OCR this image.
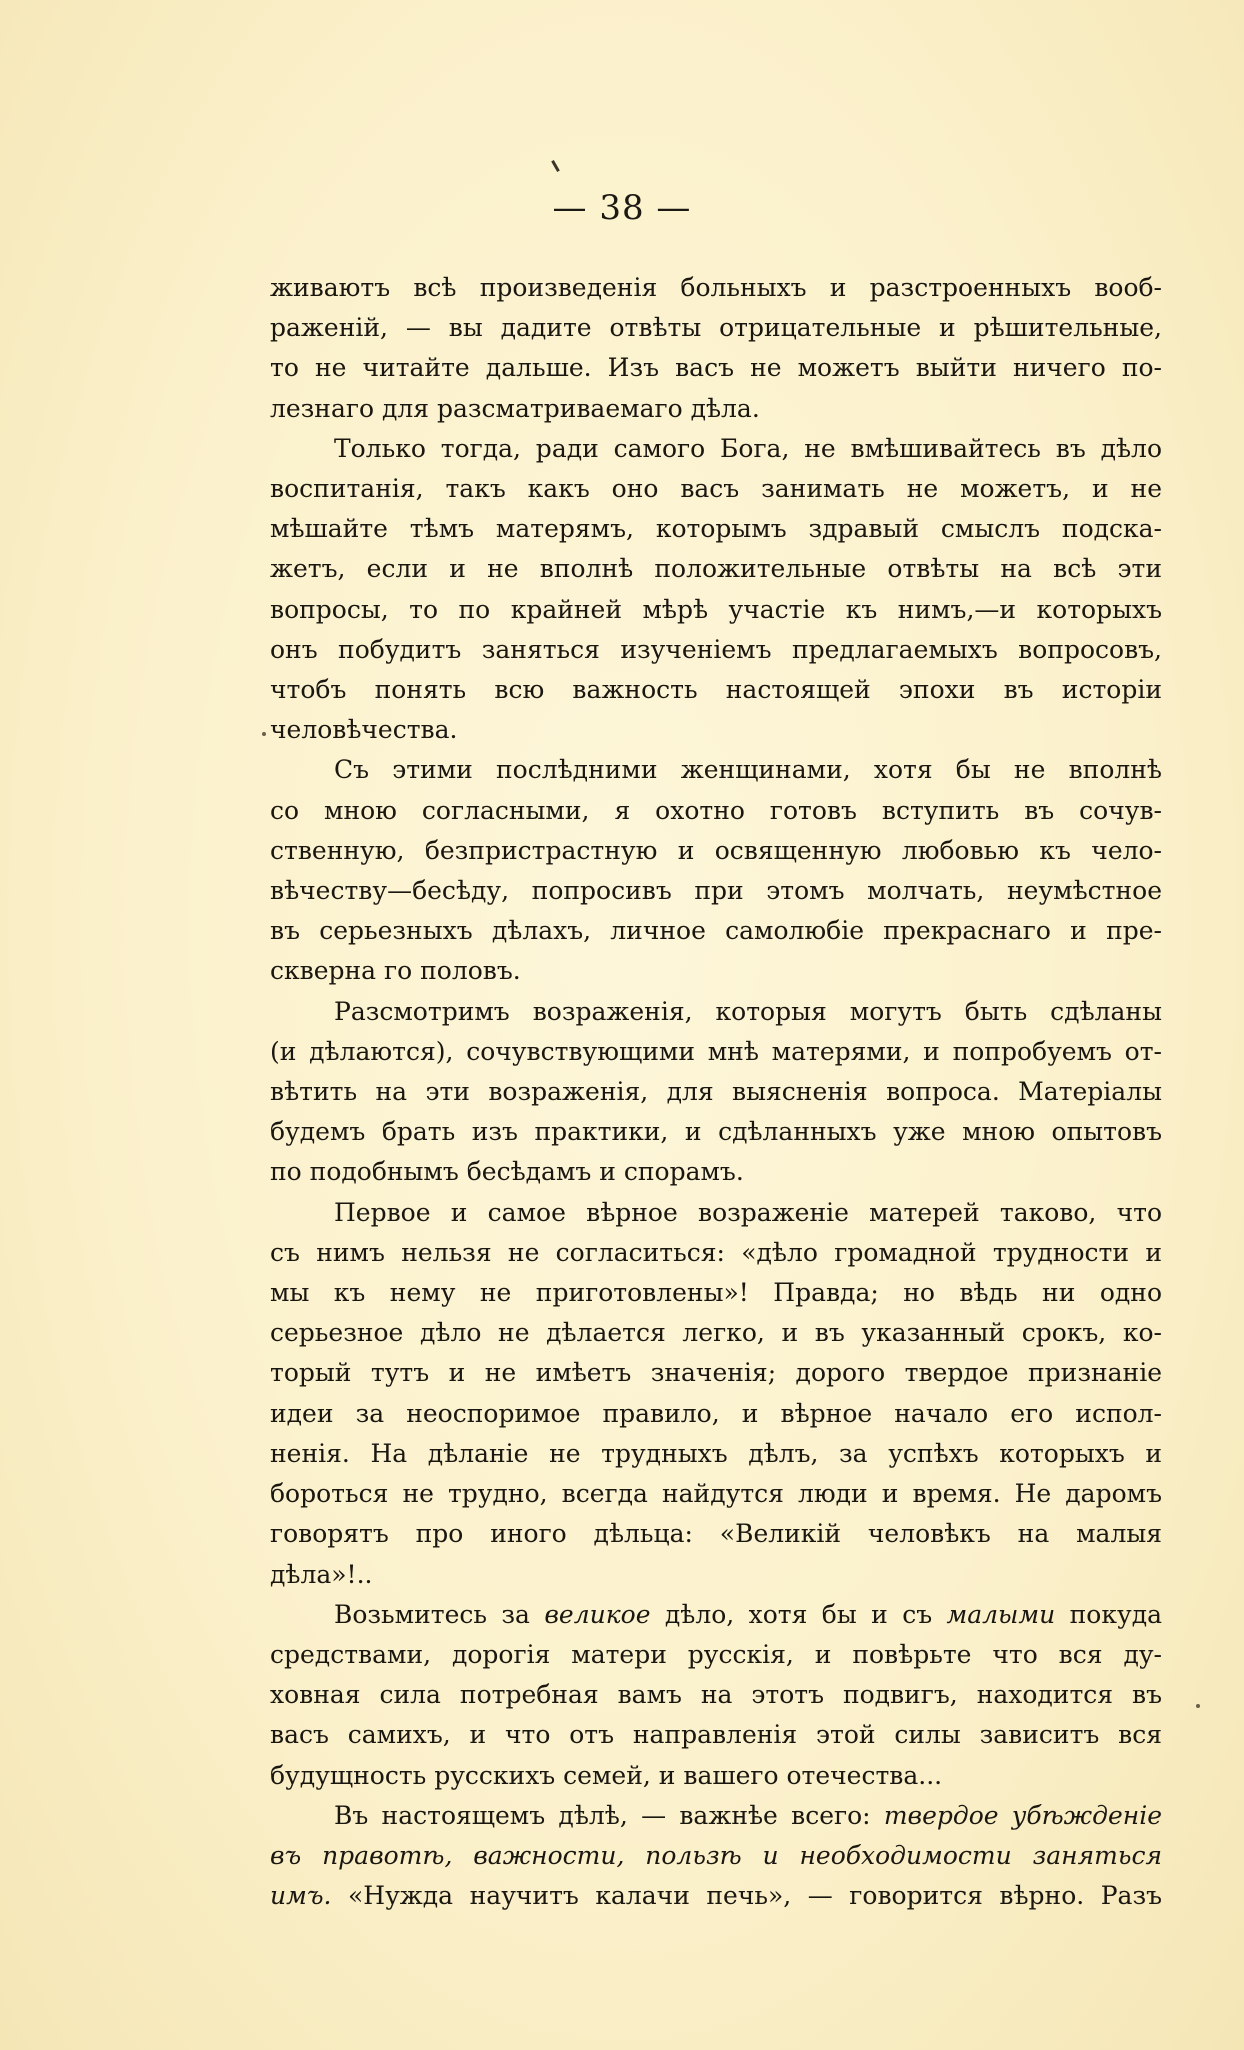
— 38 —
живаютъ всѣ произведенія больныхъ и разстроенныхъ вооб-
раженій, — вы дадите отвѣты отрицательные и рѣшительные,
то не читайте дальше. Изъ васъ не можетъ выйти ничего по-
лезнаго для разсматриваемаго дѣла.
Только тогда, ради самого Бога, не вмѣшивайтесь въ дѣло
воспитанія, такъ какъ оно васъ занимать не можетъ, и не
мѣшайте тѣмъ матерямъ, которымъ здравый смыслъ подска-
жетъ, если и не вполнѣ положительные отвѣты на всѣ эти
вопросы, то по крайней мѣрѣ участіе къ нимъ,—и которыхъ
онъ побудитъ заняться изученіемъ предлагаемыхъ вопросовъ,
чтобъ понять всю важность настоящей эпохи въ исторіи
человѣчества.
Съ этими послѣдними женщинами, хотя бы не вполнѣ
со мною согласными, я охотно готовъ вступить въ сочув-
ственную, безпристрастную и освященную любовью къ чело-
вѣчеству—бесѣду, попросивъ при этомъ молчать, неумѣстное
въ серьезныхъ дѣлахъ, личное самолюбіе прекраснаго и пре-
скверна го половъ.
Разсмотримъ возраженія, которыя могутъ быть сдѣланы
(и дѣлаются), сочувствующими мнѣ матерями, и попробуемъ от-
вѣтить на эти возраженія, для выясненія вопроса. Матеріалы
будемъ брать изъ практики, и сдѣланныхъ уже мною опытовъ
по подобнымъ бесѣдамъ и спорамъ.
Первое и самое вѣрное возраженіе матерей таково, что
съ нимъ нельзя не согласиться: «дѣло громадной трудности и
мы къ нему не приготовлены»! Правда; но вѣдь ни одно
серьезное дѣло не дѣлается легко, и въ указанный срокъ, ко-
торый тутъ и не имѣетъ значенія; дорого твердое признаніе
идеи за неоспоримое правило, и вѣрное начало его испол-
ненія. На дѣланіе не трудныхъ дѣлъ, за успѣхъ которыхъ и
бороться не трудно, всегда найдутся люди и время. Не даромъ
говорятъ про иного дѣльца: «Великій человѣкъ на малыя
дѣла»!..
Возьмитесь за великое дѣло, хотя бы и съ малыми покуда
средствами, дорогія матери русскія, и повѣрьте что вся ду-
ховная сила потребная вамъ на этотъ подвигъ, находится въ
васъ самихъ, и что отъ направленія этой силы зависитъ вся
будущность русскихъ семей, и вашего отечества...
Въ настоящемъ дѣлѣ, — важнѣе всего: твердое убѣжденіе
въ правотѣ, важности, пользѣ и необходимости заняться
имъ. «Нужда научитъ калачи печь», — говорится вѣрно. Разъ
